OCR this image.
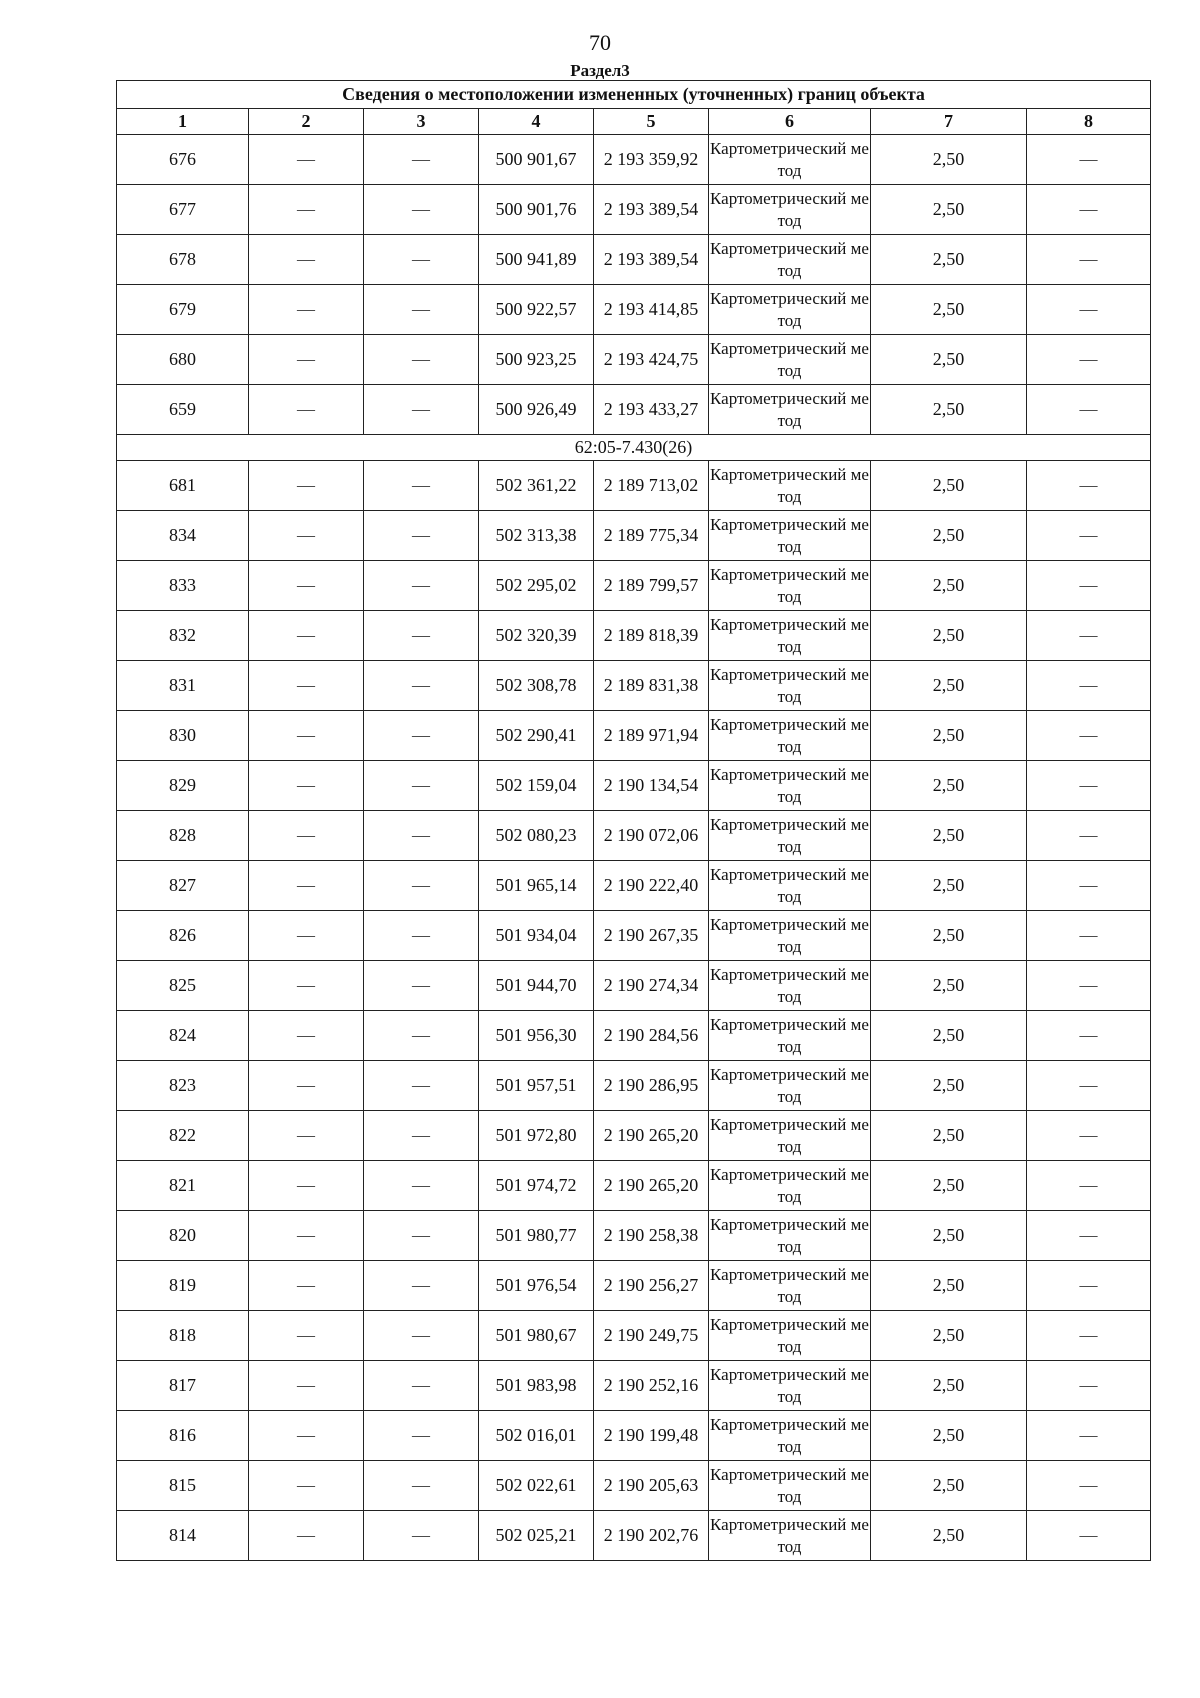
70
Раздел3
Сведения о местоположении измененных (уточненных) границ объекта							
1	2	3	4	5	6	7	8
676	—	—	500 901,67	2 193 359,92	Картометрический метод	2,50	—
677	—	—	500 901,76	2 193 389,54	Картометрический метод	2,50	—
678	—	—	500 941,89	2 193 389,54	Картометрический метод	2,50	—
679	—	—	500 922,57	2 193 414,85	Картометрический метод	2,50	—
680	—	—	500 923,25	2 193 424,75	Картометрический метод	2,50	—
659	—	—	500 926,49	2 193 433,27	Картометрический метод	2,50	—
62:05-7.430(26)							
681	—	—	502 361,22	2 189 713,02	Картометрический метод	2,50	—
834	—	—	502 313,38	2 189 775,34	Картометрический метод	2,50	—
833	—	—	502 295,02	2 189 799,57	Картометрический метод	2,50	—
832	—	—	502 320,39	2 189 818,39	Картометрический метод	2,50	—
831	—	—	502 308,78	2 189 831,38	Картометрический метод	2,50	—
830	—	—	502 290,41	2 189 971,94	Картометрический метод	2,50	—
829	—	—	502 159,04	2 190 134,54	Картометрический метод	2,50	—
828	—	—	502 080,23	2 190 072,06	Картометрический метод	2,50	—
827	—	—	501 965,14	2 190 222,40	Картометрический метод	2,50	—
826	—	—	501 934,04	2 190 267,35	Картометрический метод	2,50	—
825	—	—	501 944,70	2 190 274,34	Картометрический метод	2,50	—
824	—	—	501 956,30	2 190 284,56	Картометрический метод	2,50	—
823	—	—	501 957,51	2 190 286,95	Картометрический метод	2,50	—
822	—	—	501 972,80	2 190 265,20	Картометрический метод	2,50	—
821	—	—	501 974,72	2 190 265,20	Картометрический метод	2,50	—
820	—	—	501 980,77	2 190 258,38	Картометрический метод	2,50	—
819	—	—	501 976,54	2 190 256,27	Картометрический метод	2,50	—
818	—	—	501 980,67	2 190 249,75	Картометрический метод	2,50	—
817	—	—	501 983,98	2 190 252,16	Картометрический метод	2,50	—
816	—	—	502 016,01	2 190 199,48	Картометрический метод	2,50	—
815	—	—	502 022,61	2 190 205,63	Картометрический метод	2,50	—
814	—	—	502 025,21	2 190 202,76	Картометрический метод	2,50	—
